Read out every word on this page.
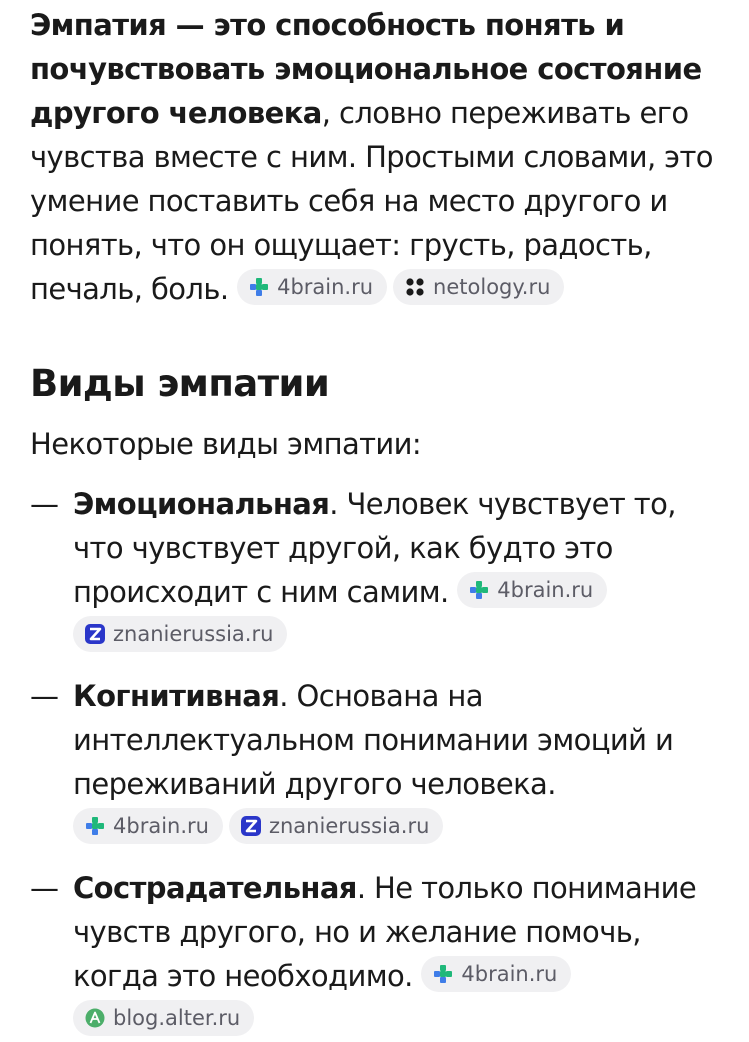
Эмпатия — это способность понять и почувствовать эмоциональное состояние другого человека, словно переживать его чувства вместе с ним. Простыми словами, это умение поставить себя на место другого и понять, что он ощущает: грусть, радость, печаль, боль. 4brain.ru	netology.ru
Виды эмпатии
Некоторые виды эмпатии:
— Эмоциональная. Человек чувствует то, что чувствует другой, как будто это происходит с ним самим. 4brain.ru

znanierussia.ru
— Когнитивная. Основана на интеллектуальном понимании эмоций и переживаний другого человека.
4brain.ru	znanierussia.ru
— Сострадательная. Не только понимание чувств другого, но и желание помочь, когда это необходимо. 4brain.ru

blog.alter.ru
